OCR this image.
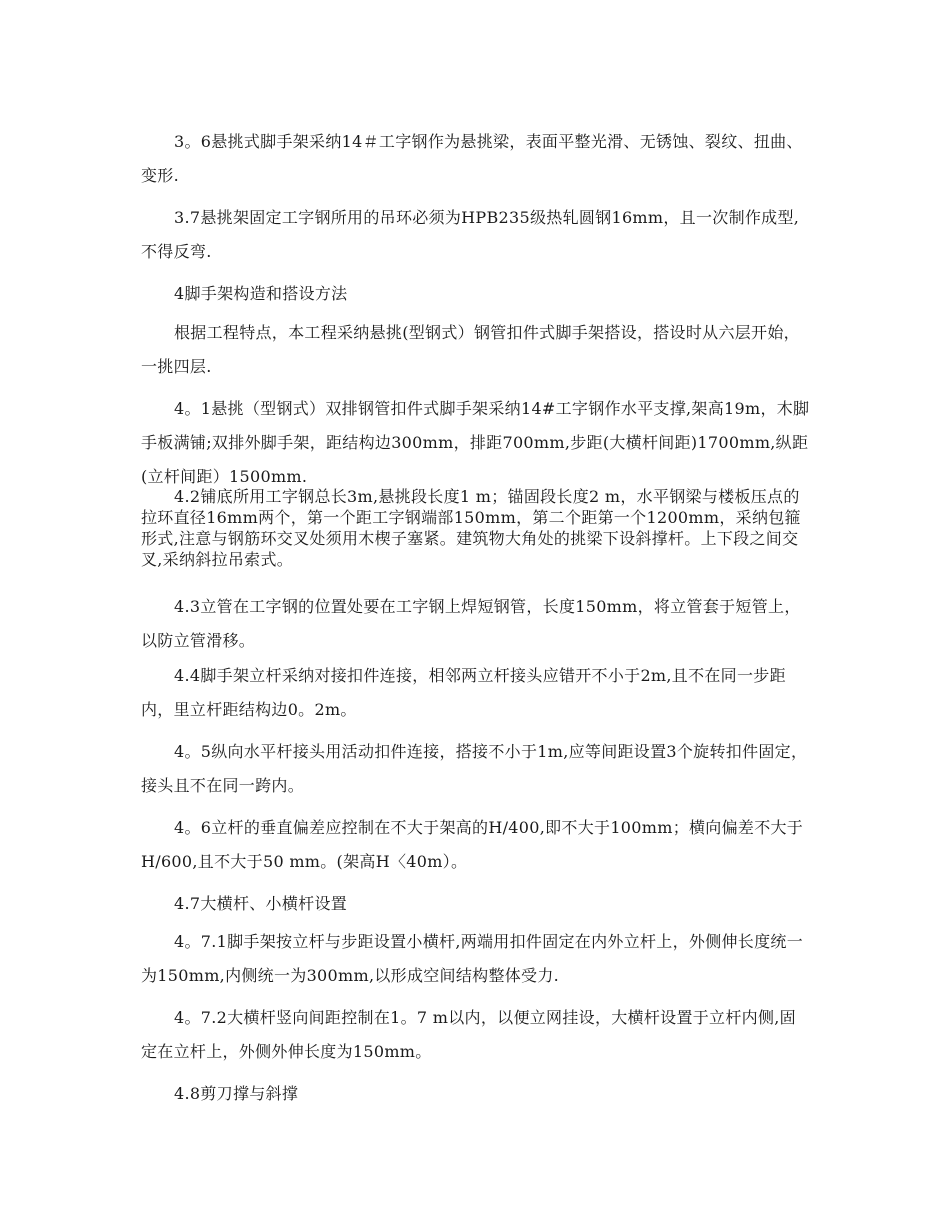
3。6悬挑式脚手架采纳14＃工字钢作为悬挑梁，表面平整光滑、无锈蚀、裂纹、扭曲、变形.

3.7悬挑架固定工字钢所用的吊环必须为HPB235级热轧圆钢16mm，且一次制作成型,不得反弯.

4脚手架构造和搭设方法

根据工程特点，本工程采纳悬挑(型钢式）钢管扣件式脚手架搭设，搭设时从六层开始，一挑四层.

4。1悬挑（型钢式）双排钢管扣件式脚手架采纳14#工字钢作水平支撑,架高19m，木脚手板满铺;双排外脚手架，距结构边300mm，排距700mm,步距(大横杆间距)1700mm,纵距(立杆间距）1500mm.

4.2铺底所用工字钢总长3m,悬挑段长度1 m；锚固段长度2 m，水平钢梁与楼板压点的拉环直径16mm两个，第一个距工字钢端部150mm，第二个距第一个1200mm，采纳包箍形式,注意与钢筋环交叉处须用木楔子塞紧。建筑物大角处的挑梁下设斜撑杆。上下段之间交叉,采纳斜拉吊索式。

4.3立管在工字钢的位置处要在工字钢上焊短钢管，长度150mm，将立管套于短管上，以防立管滑移。

4.4脚手架立杆采纳对接扣件连接，相邻两立杆接头应错开不小于2m,且不在同一步距内，里立杆距结构边0。2m。

4。5纵向水平杆接头用活动扣件连接，搭接不小于1m,应等间距设置3个旋转扣件固定，接头且不在同一跨内。

4。6立杆的垂直偏差应控制在不大于架高的H/400,即不大于100mm；横向偏差不大于H/600,且不大于50 mm。(架高H〈40m）。

4.7大横杆、小横杆设置

4。7.1脚手架按立杆与步距设置小横杆,两端用扣件固定在内外立杆上，外侧伸长度统一为150mm,内侧统一为300mm,以形成空间结构整体受力.

4。7.2大横杆竖向间距控制在1。7 m以内，以便立网挂设，大横杆设置于立杆内侧,固定在立杆上，外侧外伸长度为150mm。

4.8剪刀撑与斜撑
